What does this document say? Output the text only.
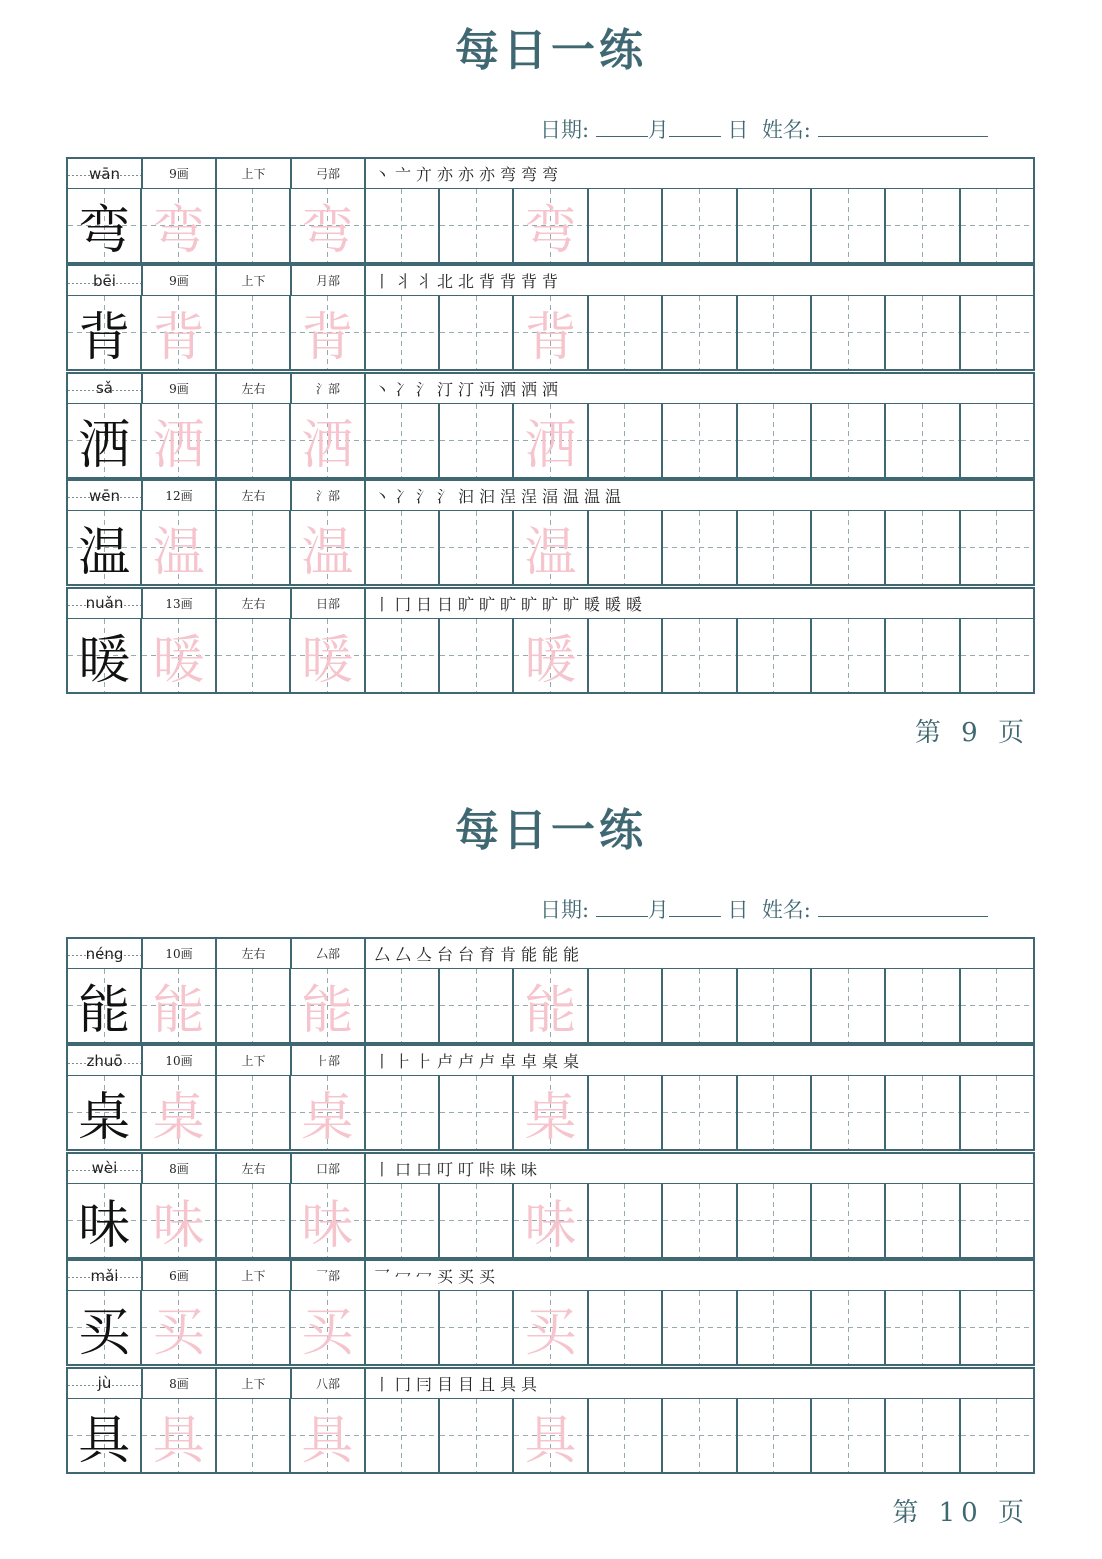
每日一练
日期:	月	日 姓名:
wān	9画	上下	弓部	丶亠亣亦亦亦弯弯弯
弯 弯 弯	弯
bēi	9画	上下	月部	丨丬丬北北背背背背
背 背 背	背
sǎ	9画	左右	氵部	丶冫氵汀汀沔洒洒洒
洒 洒 洒	洒
wēn	12画	左右	氵部	丶冫氵氵汩汩浧浧湢温温温
温 温 温	温
nuǎn	13画	左右	日部	丨冂日日旷旷旷旷旷旷暖暖暖
暖 暖 暖	暖
第 9 页
每日一练
日期:	月	日 姓名:
néng	10画	左右	厶部	厶厶亼台台育肯能能能
能 能 能	能
zhuō	10画	上下	⺊部	丨⺊⺊卢卢卢卓卓桌桌
桌 桌 桌	桌
wèi	8画	左右	口部	丨口口叮叮咔味味
味 味 味	味
mǎi	6画	上下	乛部	乛冖冖买买买
买 买 买	买
jù	8画	上下	八部	丨冂冃目目且具具
具 具 具	具
第 10 页
